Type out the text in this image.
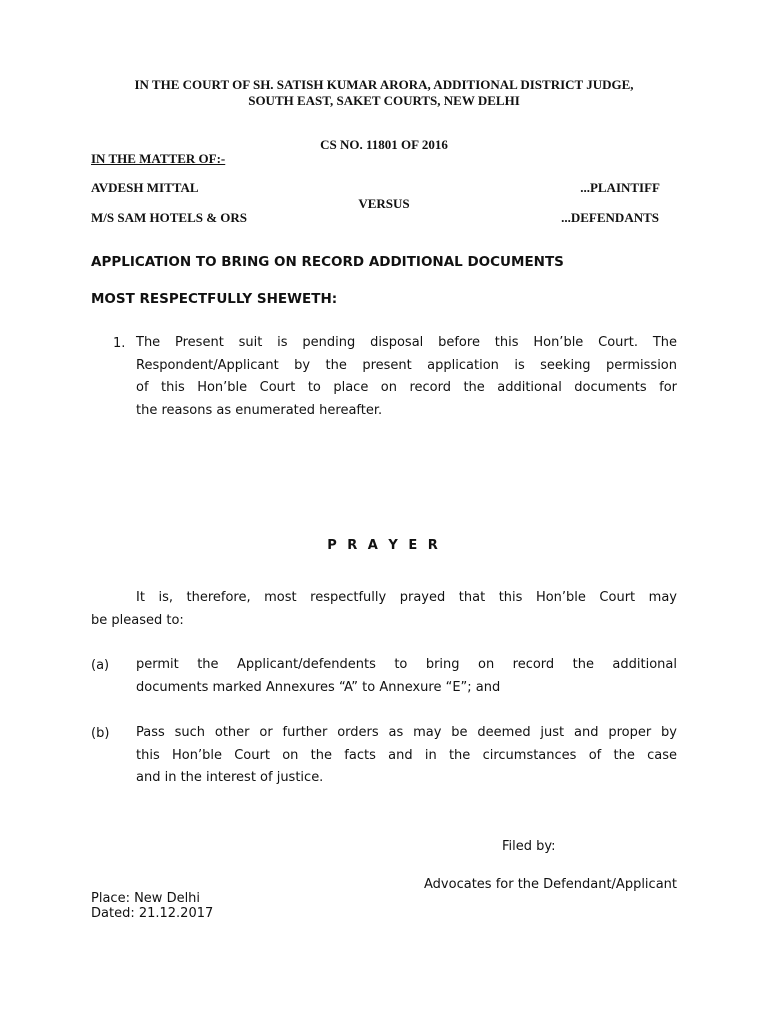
IN THE COURT OF SH. SATISH KUMAR ARORA, ADDITIONAL DISTRICT JUDGE,
SOUTH EAST, SAKET COURTS, NEW DELHI
CS NO. 11801 OF 2016
IN THE MATTER OF:-
AVDESH MITTAL	...PLAINTIFF
VERSUS
M/S SAM HOTELS & ORS	...DEFENDANTS
APPLICATION TO BRING ON RECORD ADDITIONAL DOCUMENTS
MOST RESPECTFULLY SHEWETH:
1. The Present suit is pending disposal before this Hon’ble Court. The
Respondent/Applicant by the present application is seeking permission
of this Hon’ble Court to place on record the additional documents for
the reasons as enumerated hereafter.
P R A Y E R
It is, therefore, most respectfully prayed that this Hon’ble Court may
be pleased to:
(a) permit the Applicant/defendents to bring on record the additional
documents marked Annexures “A” to Annexure “E”; and
(b) Pass such other or further orders as may be deemed just and proper by
this Hon’ble Court on the facts and in the circumstances of the case
and in the interest of justice.
Filed by:
Advocates for the Defendant/Applicant
Place: New Delhi
Dated: 21.12.2017
